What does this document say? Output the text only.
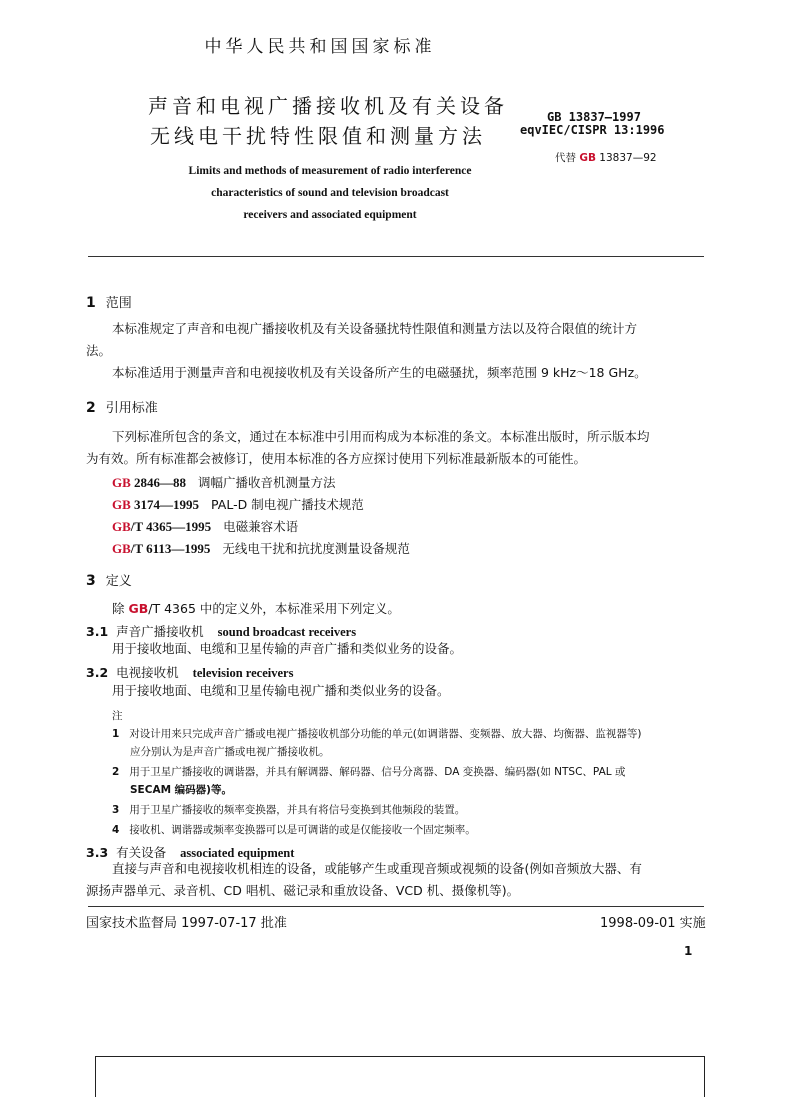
中华人民共和国国家标准
声音和电视广播接收机及有关设备
无线电干扰特性限值和测量方法
Limits and methods of measurement of radio interference
characteristics of sound and television broadcast
receivers and associated equipment
GB 13837—1997
eqvIEC/CISPR 13:1996
代替 GB 13837—92
1 范围
本标准规定了声音和电视广播接收机及有关设备骚扰特性限值和测量方法以及符合限值的统计方
法。
本标准适用于测量声音和电视接收机及有关设备所产生的电磁骚扰，频率范围 9 kHz～18 GHz。
2 引用标准
下列标准所包含的条文，通过在本标准中引用而构成为本标准的条文。本标准出版时，所示版本均
为有效。所有标准都会被修订，使用本标准的各方应探讨使用下列标准最新版本的可能性。
GB 2846—88 调幅广播收音机测量方法
GB 3174—1995 PAL-D 制电视广播技术规范
GB/T 4365—1995 电磁兼容术语
GB/T 6113—1995 无线电干扰和抗扰度测量设备规范
3 定义
除 GB/T 4365 中的定义外，本标准采用下列定义。
3.1 声音广播接收机 sound broadcast receivers
用于接收地面、电缆和卫星传输的声音广播和类似业务的设备。
3.2 电视接收机 television receivers
用于接收地面、电缆和卫星传输电视广播和类似业务的设备。
注
1 对设计用来只完成声音广播或电视广播接收机部分功能的单元(如调谐器、变频器、放大器、均衡器、监视器等)
应分别认为是声音广播或电视广播接收机。
2 用于卫星广播接收的调谐器，并具有解调器、解码器、信号分离器、DA 变换器、编码器(如 NTSC、PAL 或
SECAM 编码器)等。
3 用于卫星广播接收的频率变换器，并具有将信号变换到其他频段的装置。
4 接收机、调谐器或频率变换器可以是可调谐的或是仅能接收一个固定频率。
3.3 有关设备 associated equipment
直接与声音和电视接收机相连的设备，或能够产生或重现音频或视频的设备(例如音频放大器、有
源扬声器单元、录音机、CD 唱机、磁记录和重放设备、VCD 机、摄像机等)。
国家技术监督局 1997-07-17 批准	1998-09-01 实施
1
